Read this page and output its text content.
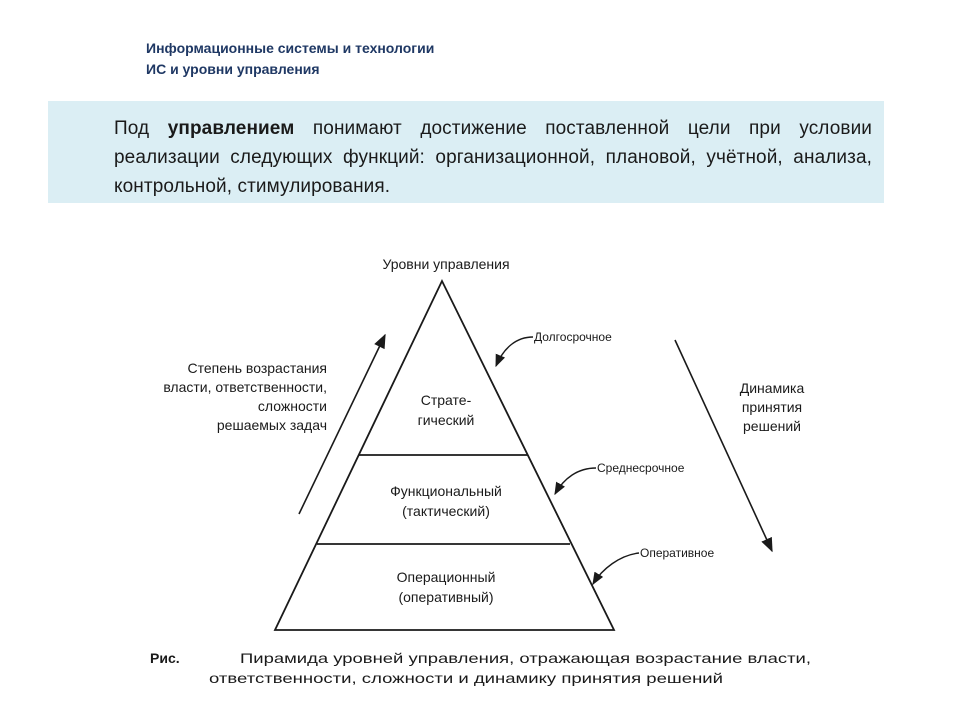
Информационные системы и технологии
ИС и уровни управления
Под управлением понимают достижение поставленной цели при условии реализации следующих функций: организационной, плановой, учётной, анализа, контрольной, стимулирования.
Уровни управления
Страте-
гический
Функциональный
(тактический)
Операционный
(оперативный)
Долгосрочное
Среднесрочное
Оперативное
Степень возрастания
власти, ответственности,
сложности
решаемых задач
Динамика
принятия
решений
Рис.	Пирамида уровней управления, отражающая возрастание власти,
ответственности, сложности и динамику принятия решений
